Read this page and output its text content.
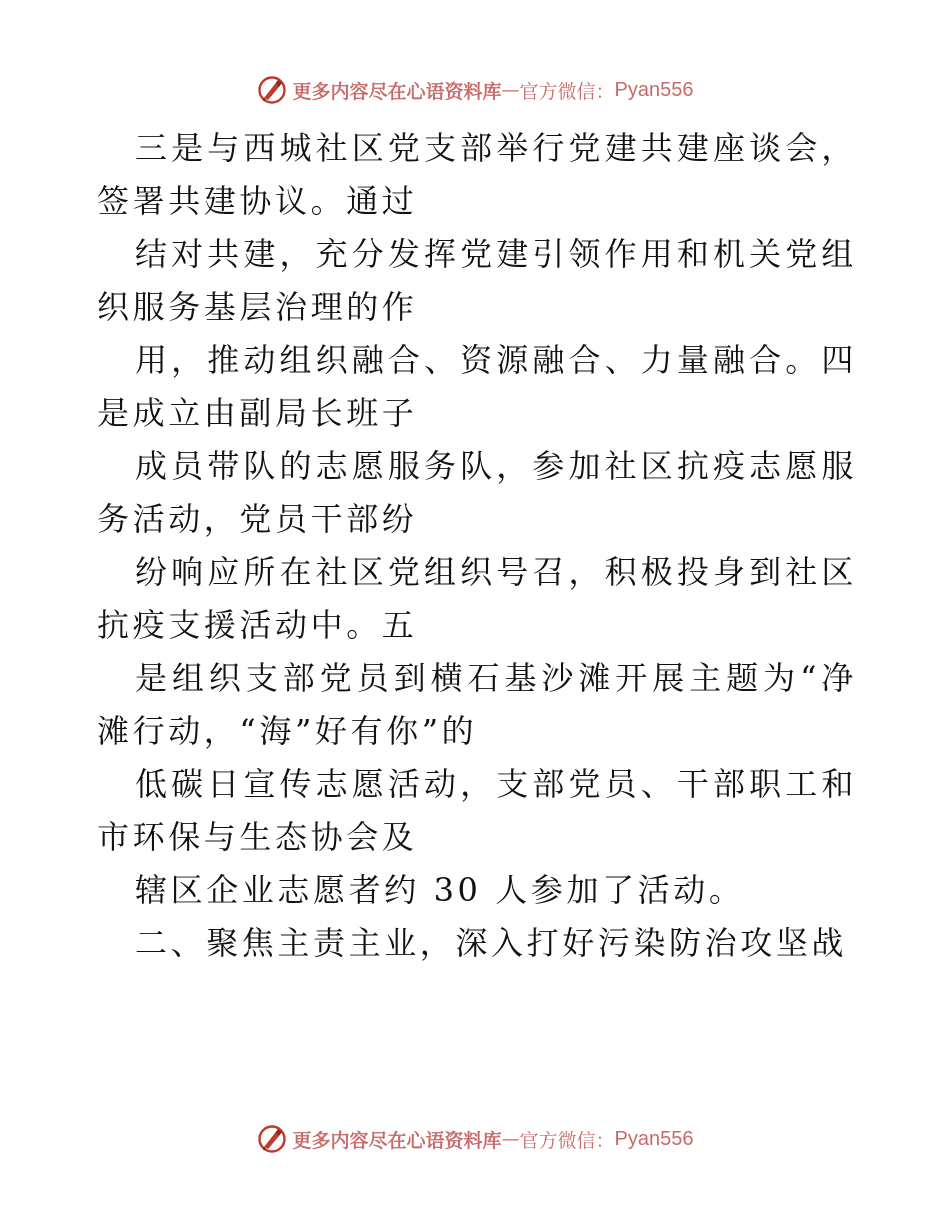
更多内容尽在心语资料库 — 官方微信： Pyan556

三是与西城社区党支部举行党建共建座谈会，签署共建协议。通过

结对共建，充分发挥党建引领作用和机关党组织服务基层治理的作

用，推动组织融合、资源融合、力量融合。四是成立由副局长班子

成员带队的志愿服务队，参加社区抗疫志愿服务活动，党员干部纷

纷响应所在社区党组织号召，积极投身到社区抗疫支援活动中。五

是组织支部党员到横石基沙滩开展主题为“净滩行动，“海”好有你”的

低碳日宣传志愿活动，支部党员、干部职工和市环保与生态协会及

辖区企业志愿者约 30 人参加了活动。

二、聚焦主责主业，深入打好污染防治攻坚战

更多内容尽在心语资料库 — 官方微信： Pyan556
